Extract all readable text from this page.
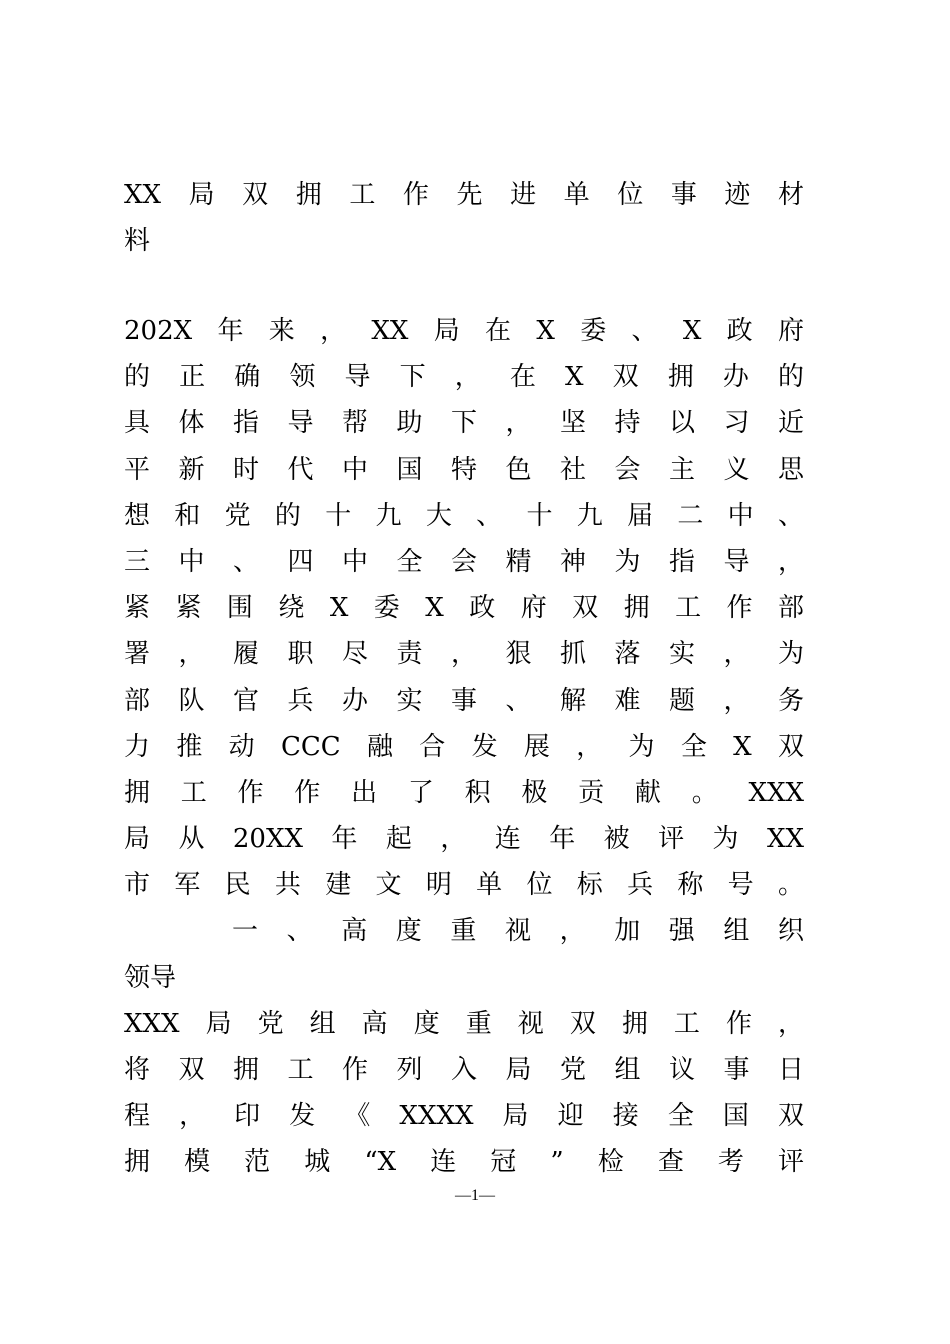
XX局双拥工作先进单位事迹材
料
202X年来，XX局在X委、X政府
的正确领导下，在X双拥办的
具体指导帮助下，坚持以习近
平新时代中国特色社会主义思
想和党的十九大、十九届二中、
三中、四中全会精神为指导，
紧紧围绕X委X政府双拥工作部
署，履职尽责，狠抓落实，为
部队官兵办实事、解难题，务
力推动CCC融合发展，为全X双
拥工作作出了积极贡献。XXX
局从20XX年起，连年被评为XX
市军民共建文明单位标兵称号。
一、高度重视，加强组织
领导
XXX局党组高度重视双拥工作，
将双拥工作列入局党组议事日
程，印发《XXXX局迎接全国双
拥模范城“X连冠”检查考评
—1—
